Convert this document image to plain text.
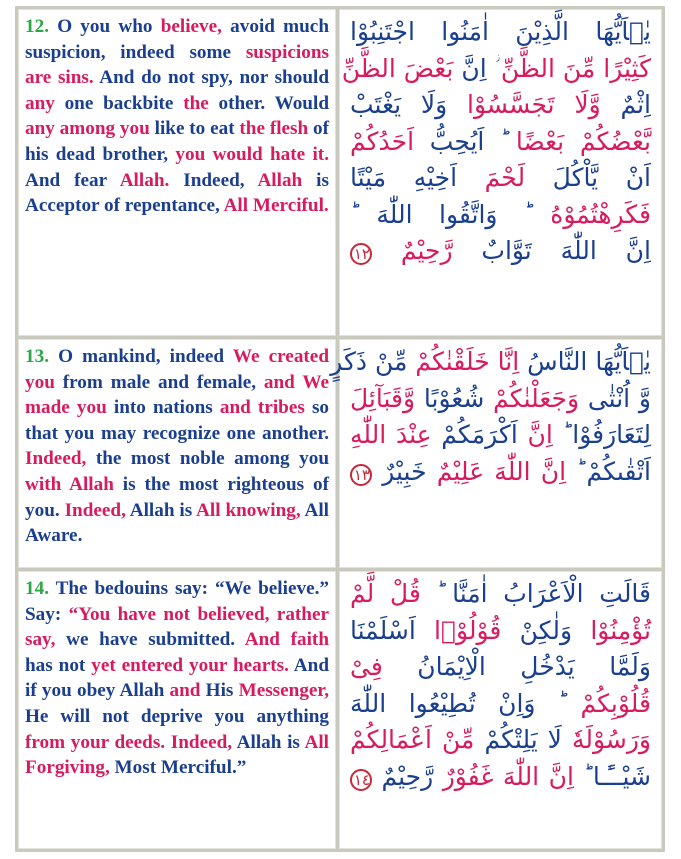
12. O you who believe, avoid much suspicion, indeed some suspicions are sins. And do not spy, nor should any one backbite the other. Would any among you like to eat the flesh of his dead brother, you would hate it. And fear Allah. Indeed, Allah is Acceptor of repentance, All Merciful.

يٰۤاَيُّهَا الَّذِيْنَ اٰمَنُوا اجْتَنِبُوْا
كَثِيْرًا مِّنَ الظَّنِّ ؗ اِنَّ بَعْضَ الظَّنِّ
اِثْمٌ وَّلَا تَجَسَّسُوْا وَلَا يَغْتَبْ
بَّعْضُكُمْ بَعْضًا ؕ اَيُحِبُّ اَحَدُكُمْ
اَنْ يَّاْكُلَ لَحْمَ اَخِيْهِ مَيْتًا
فَكَرِهْتُمُوْهُ ؕ وَاتَّقُوا اللّٰهَ ؕ
اِنَّ اللّٰهَ تَوَّابٌ رَّحِيْمٌ ١٢

13. O mankind, indeed We created you from male and female, and We made you into nations and tribes so that you may recognize one another. Indeed, the most noble among you with Allah is the most righteous of you. Indeed, Allah is All knowing, All Aware.

يٰۤاَيُّهَا النَّاسُ اِنَّا خَلَقْنٰكُمْ مِّنْ ذَكَرٍ
وَّ اُنْثٰى وَجَعَلْنٰكُمْ شُعُوْبًا وَّقَبَآئِلَ
لِتَعَارَفُوْا ؕ اِنَّ اَكْرَمَكُمْ عِنْدَ اللّٰهِ
اَتْقٰٮكُمْ ؕ اِنَّ اللّٰهَ عَلِيْمٌ خَبِيْرٌ ١٣

14. The bedouins say: “We believe.” Say: “You have not believed, rather say, we have submitted. And faith has not yet entered your hearts. And if you obey Allah and His Messenger, He will not deprive you anything from your deeds. Indeed, Allah is All Forgiving, Most Merciful.”

قَالَتِ الْاَعْرَابُ اٰمَنَّا ؕ قُلْ لَّمْ
تُؤْمِنُوْا وَلٰكِنْ قُوْلُوْۤا اَسْلَمْنَا
وَلَمَّا يَدْخُلِ الْاِيْمَانُ فِىْ
قُلُوْبِكُمْ ؕ وَاِنْ تُطِيْعُوا اللّٰهَ
وَرَسُوْلَهٗ لَا يَلِتْكُمْ مِّنْ اَعْمَالِكُمْ
شَيْــًٔـا ؕ اِنَّ اللّٰهَ غَفُوْرٌ رَّحِيْمٌ ١٤
